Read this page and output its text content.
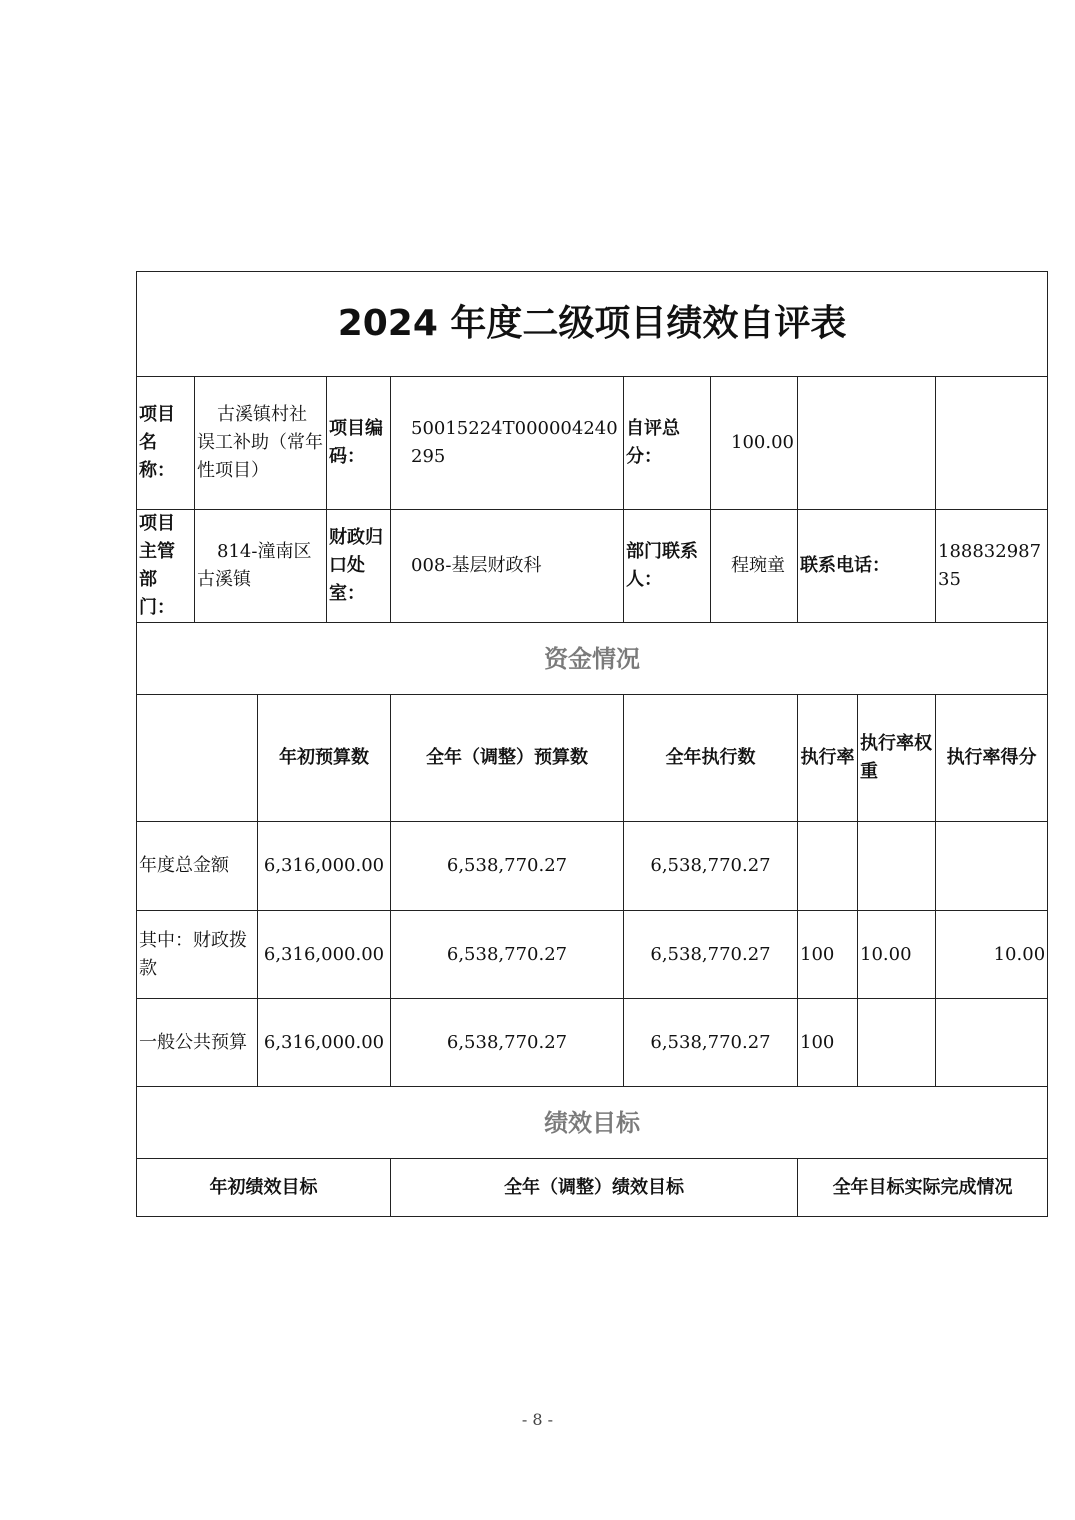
2024 年度二级项目绩效自评表									
项目名称：	古溪镇村社误工补助（常年性项目）		项目编码：	50015224T000004240295	自评总分：	100.00			
项目主管部门：	814-潼南区古溪镇		财政归口处室：	008-基层财政科	部门联系人：	程琬童	联系电话：		18883298735
资金情况									
		年初预算数		全年（调整）预算数	全年执行数		执行率	执行率权重	执行率得分
年度总金额		6,316,000.00		6,538,770.27	6,538,770.27				
其中：财政拨款		6,316,000.00		6,538,770.27	6,538,770.27		100	10.00	10.00
一般公共预算		6,316,000.00		6,538,770.27	6,538,770.27		100		
绩效目标									
年初绩效目标				全年（调整）绩效目标			全年目标实际完成情况		
- 8 -
